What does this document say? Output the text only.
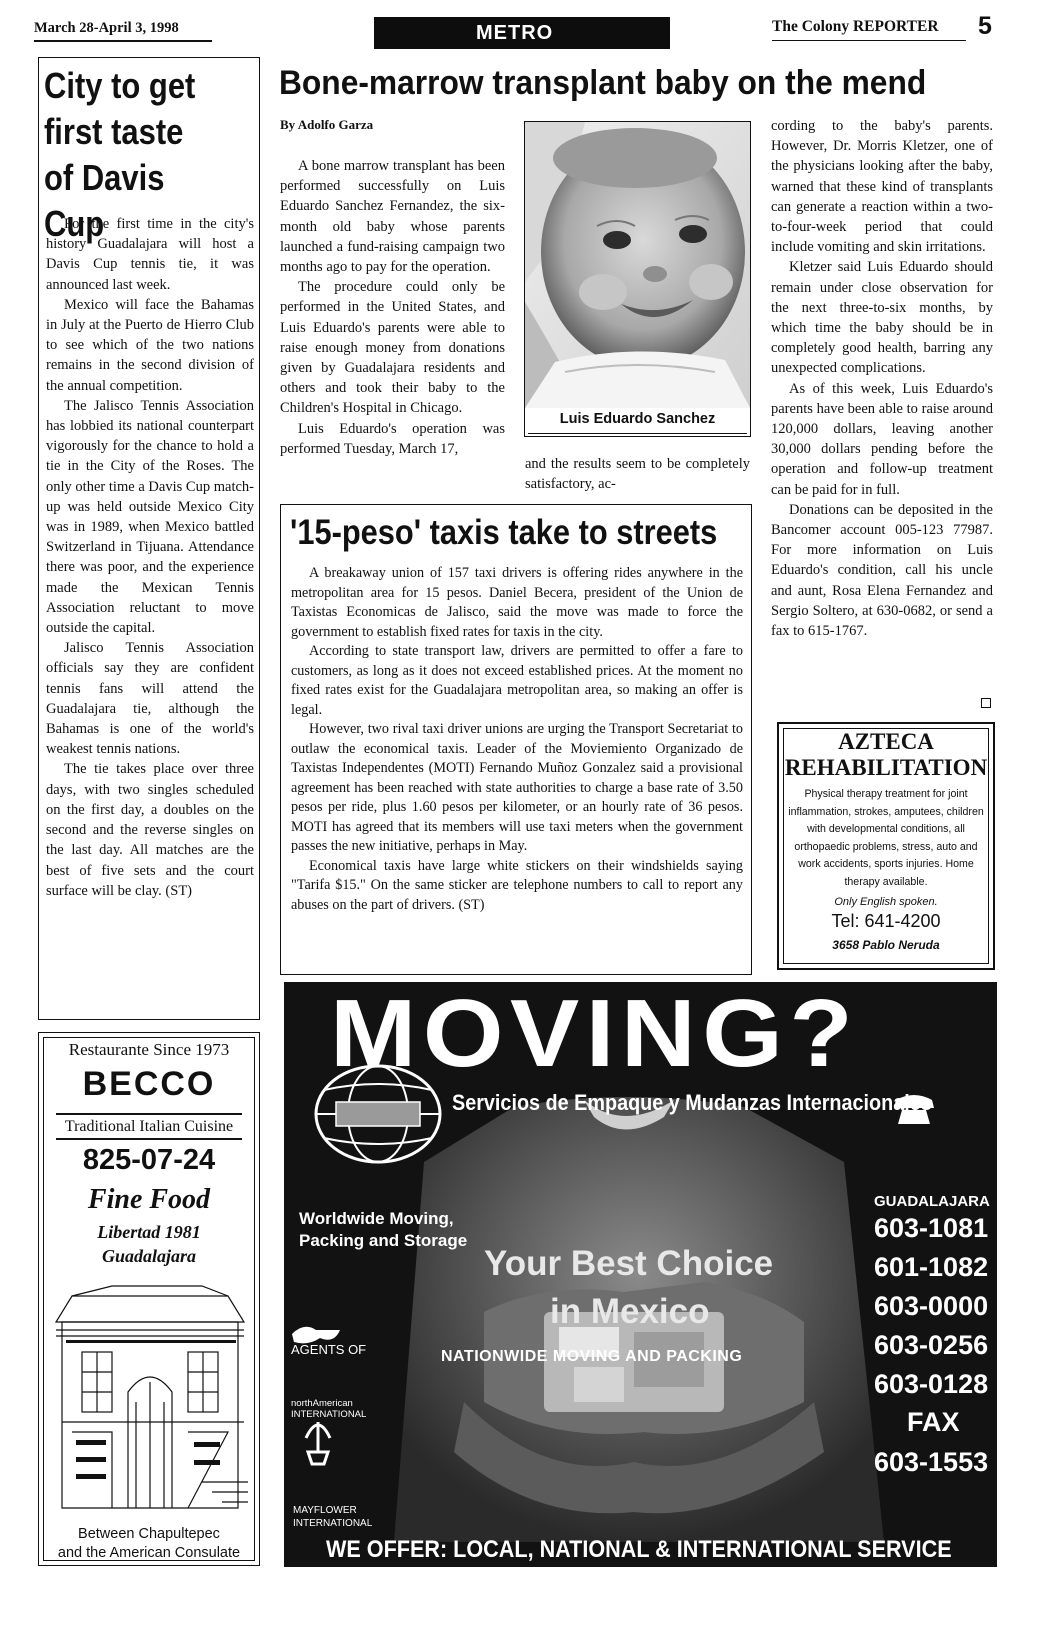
March 28-April 3, 1998	METRO	The Colony REPORTER 5
City to get
first taste
of Davis Cup

For the first time in the city's history Guadalajara will host a Davis Cup tennis tie, it was announced last week.

Mexico will face the Bahamas in July at the Puerto de Hierro Club to see which of the two nations remains in the second division of the annual competition.

The Jalisco Tennis Association has lobbied its national counterpart vigorously for the chance to hold a tie in the City of the Roses. The only other time a Davis Cup match-up was held outside Mexico City was in 1989, when Mexico battled Switzerland in Tijuana. Attendance there was poor, and the experience made the Mexican Tennis Association reluctant to move outside the capital.

Jalisco Tennis Association officials say they are confident tennis fans will attend the Guadalajara tie, although the Bahamas is one of the world's weakest tennis nations.

The tie takes place over three days, with two singles scheduled on the first day, a doubles on the second and the reverse singles on the last day. All matches are the best of five sets and the court surface will be clay. (ST)

Restaurante Since 1973
BECCO
Traditional Italian Cuisine
825-07-24
Fine Food
Libertad 1981
Guadalajara
Between Chapultepec
and the American Consulate
Bone-marrow transplant baby on the mend
By Adolfo Garza

A bone marrow transplant has been performed successfully on Luis Eduardo Sanchez Fernandez, the six-month old baby whose parents launched a fund-raising campaign two months ago to pay for the operation.

The procedure could only be performed in the United States, and Luis Eduardo's parents were able to raise enough money from donations given by Guadalajara residents and others and took their baby to the Children's Hospital in Chicago.

Luis Eduardo's operation was performed Tuesday, March 17,

Luis Eduardo Sanchez
and the results seem to be completely satisfactory, ac-
cording to the baby's parents. However, Dr. Morris Kletzer, one of the physicians looking after the baby, warned that these kind of transplants can generate a reaction within a two-to-four-week period that could include vomiting and skin irritations.

Kletzer said Luis Eduardo should remain under close observation for the next three-to-six months, by which time the baby should be in completely good health, barring any unexpected complications.

As of this week, Luis Eduardo's parents have been able to raise around 120,000 dollars, leaving another 30,000 dollars pending before the operation and follow-up treatment can be paid for in full.

Donations can be deposited in the Bancomer account 005-123 77987. For more information on Luis Eduardo's condition, call his uncle and aunt, Rosa Elena Fernandez and Sergio Soltero, at 630-0682, or send a fax to 615-1767.

'15-peso' taxis take to streets

A breakaway union of 157 taxi drivers is offering rides anywhere in the metropolitan area for 15 pesos. Daniel Becera, president of the Union de Taxistas Economicas de Jalisco, said the move was made to force the government to establish fixed rates for taxis in the city.

According to state transport law, drivers are permitted to offer a fare to customers, as long as it does not exceed established prices. At the moment no fixed rates exist for the Guadalajara metropolitan area, so making an offer is legal.

However, two rival taxi driver unions are urging the Transport Secretariat to outlaw the economical taxis. Leader of the Moviemiento Organizado de Taxistas Independentes (MOTI) Fernando Muñoz Gonzalez said a provisional agreement has been reached with state authorities to charge a base rate of 3.50 pesos per ride, plus 1.60 pesos per kilometer, or an hourly rate of 36 pesos. MOTI has agreed that its members will use taxi meters when the government passes the new initiative, perhaps in May.

Economical taxis have large white stickers on their windshields saying "Tarifa $15." On the same sticker are telephone numbers to call to report any abuses on the part of drivers. (ST)

AZTECA
REHABILITATION
Physical therapy treatment for joint inflammation, strokes, amputees, children with developmental conditions, all orthopaedic problems, stress, auto and work accidents, sports injuries. Home therapy available.
Only English spoken.
Tel: 641-4200
3658 Pablo Neruda
MOVING?
Servicios de Empaque y Mudanzas Internacionales
Worldwide Moving,
Packing and Storage
Your Best Choice
in Mexico
NATIONWIDE MOVING AND PACKING
AGENTS OF
northAmerican
INTERNATIONAL
MAYFLOWER
INTERNATIONAL
GUADALAJARA
603-1081
601-1082
603-0000
603-0256
603-0128
FAX
603-1553
WE OFFER: LOCAL, NATIONAL & INTERNATIONAL SERVICE
